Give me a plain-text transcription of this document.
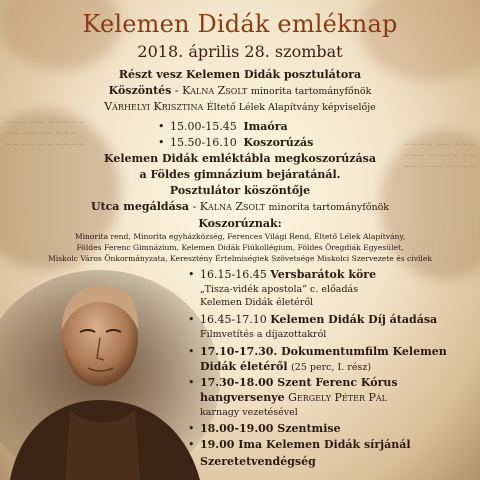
~~~ ~~ ~~~~~
~~ ~~~~ ~~~
~~~~ ~~ ~~~~	~~~~ ~~ ~~~
~~~ ~~~~ ~~
~~ ~~~ ~~~~
Kelemen Didák emléknap
2018. április 28. szombat
Részt vesz Kelemen Didák posztulátora
Köszöntés - Kalna Zsolt minorita tartományfőnök
Várhelyi Krisztina Éltető Lélek Alapítvány képviselője
• 15.00-15.45 Imaóra
• 15.50-16.10 Koszorúzás
Kelemen Didák emléktábla megkoszorúzása
a Földes gimnázium bejáratánál.
Posztulátor köszöntője
Utca megáldása - Kalna Zsolt minorita tartományfőnök
Koszorúznak:
Minorita rend, Minorita egyházközség, Ferences Világi Rend, Éltető Lélek Alapítvány,
Földes Ferenc Gimnázium, Kelemen Didák Fiúkollégium, Földes Öregdiák Egyesület,
Miskolc Város Önkormányzata, Keresztény Értelmiségiek Szövetsége Miskolci Szervezete és civilek
• 16.15-16.45 Versbarátok köre
„Tisza-vidék apostola” c. előadás
Kelemen Didák életéről
• 16.45-17.10 Kelemen Didák Díj átadása
Filmvetítés a díjazottakról
• 17.10-17.30. Dokumentumfilm Kelemen
Didák életéről (25 perc, I. rész)
• 17.30-18.00 Szent Ferenc Kórus
hangversenye Gergely Péter Pál
karnagy vezetésével
• 18.00-19.00 Szentmise
• 19.00 Ima Kelemen Didák sírjánál
• Szeretetvendégség
